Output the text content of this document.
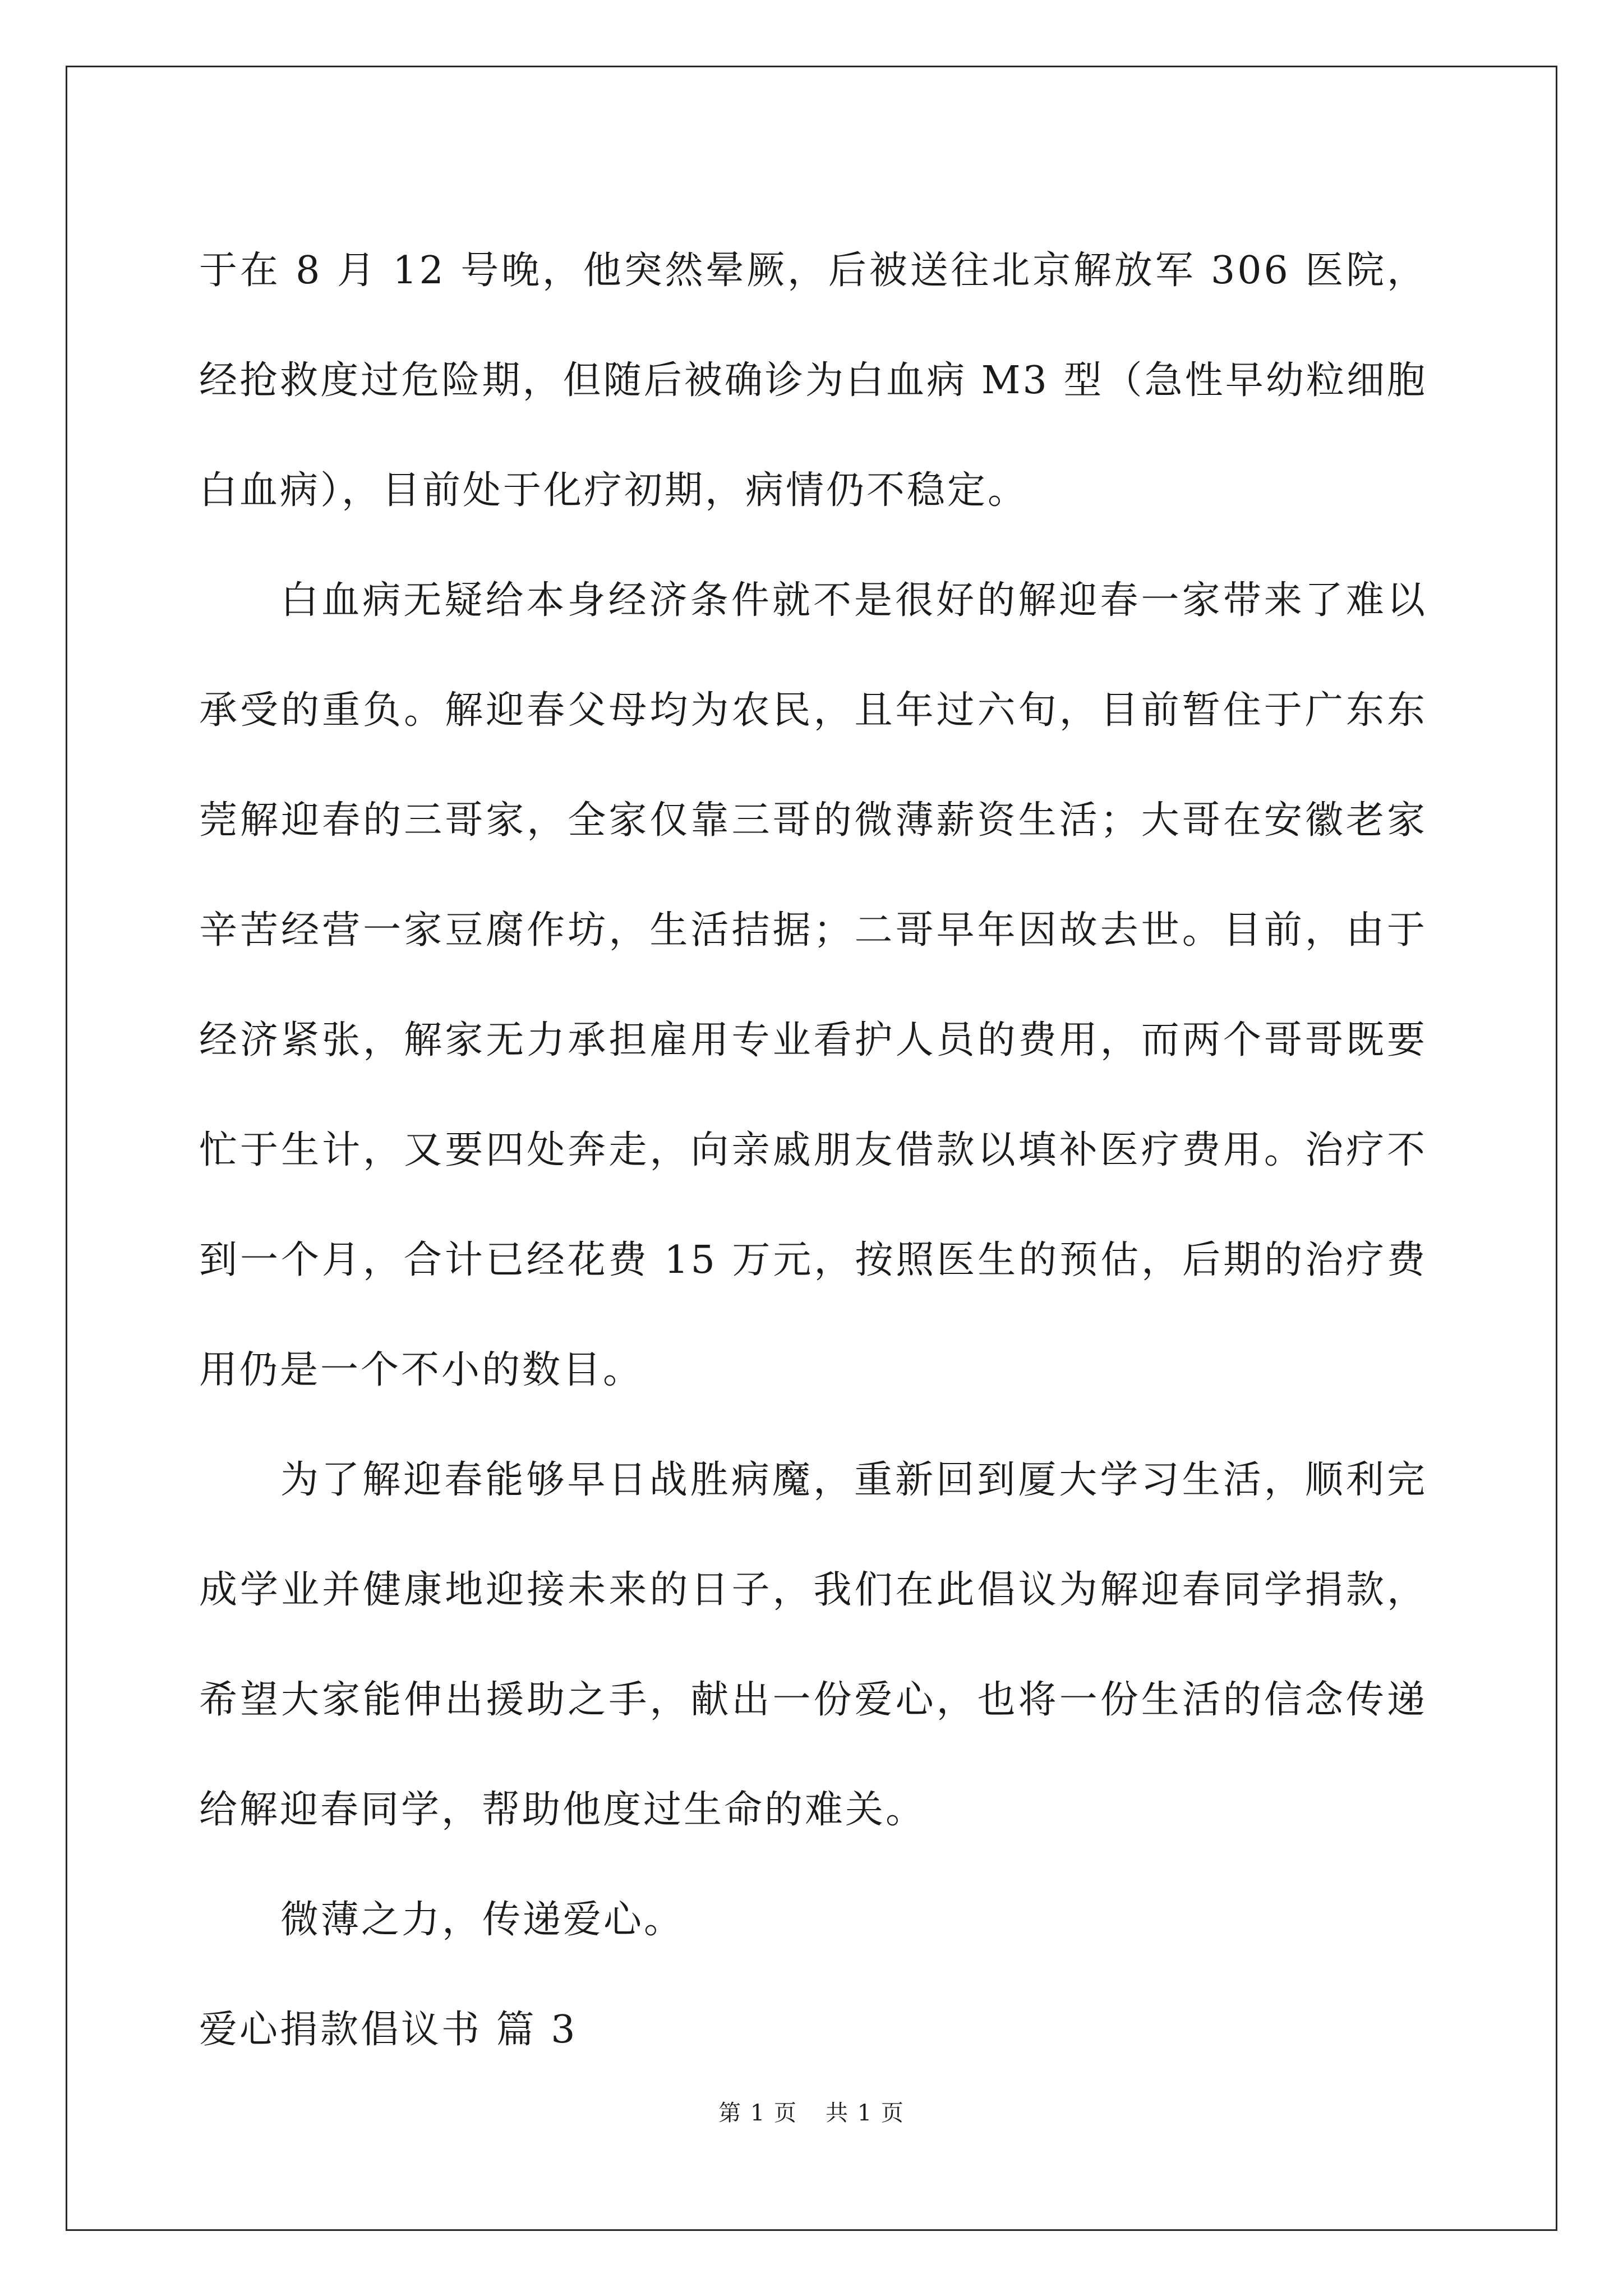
于在 8 月 12 号晚，他突然晕厥，后被送往北京解放军 306 医院，经抢救度过危险期，但随后被确诊为白血病 M3 型（急性早幼粒细胞白血病），目前处于化疗初期，病情仍不稳定。

白血病无疑给本身经济条件就不是很好的解迎春一家带来了难以承受的重负。解迎春父母均为农民，且年过六旬，目前暂住于广东东莞解迎春的三哥家，全家仅靠三哥的微薄薪资生活；大哥在安徽老家辛苦经营一家豆腐作坊，生活拮据；二哥早年因故去世。目前，由于经济紧张，解家无力承担雇用专业看护人员的费用，而两个哥哥既要忙于生计，又要四处奔走，向亲戚朋友借款以填补医疗费用。治疗不到一个月，合计已经花费 15 万元，按照医生的预估，后期的治疗费用仍是一个不小的数目。

为了解迎春能够早日战胜病魔，重新回到厦大学习生活，顺利完成学业并健康地迎接未来的日子，我们在此倡议为解迎春同学捐款，希望大家能伸出援助之手，献出一份爱心，也将一份生活的信念传递给解迎春同学，帮助他度过生命的难关。

微薄之力，传递爱心。

爱心捐款倡议书 篇 3

第 1 页 共 1 页
